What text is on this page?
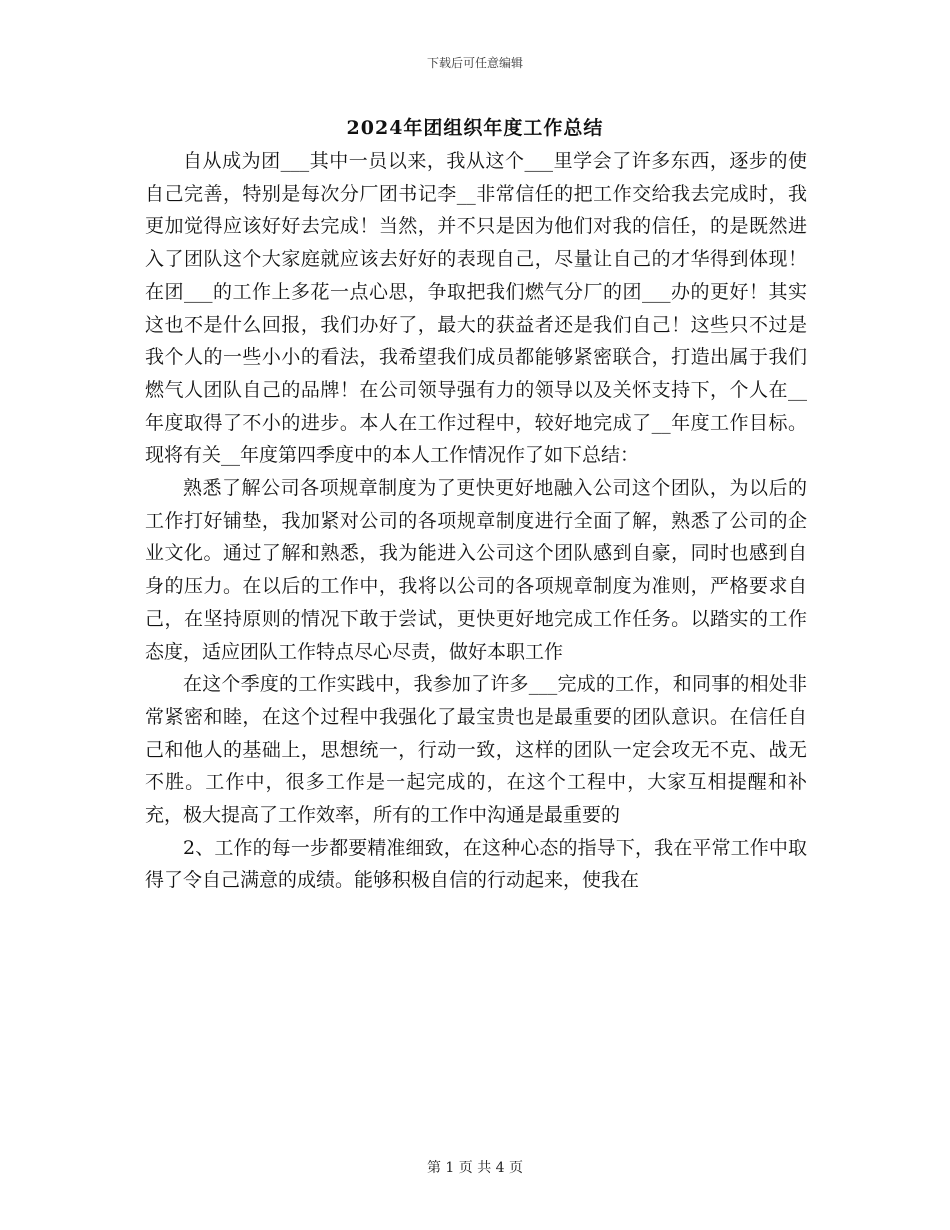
下载后可任意编辑
2024年团组织年度工作总结

自从成为团___其中一员以来，我从这个___里学会了许多东西，逐步的使自己完善，特别是每次分厂团书记李__非常信任的把工作交给我去完成时，我更加觉得应该好好去完成！当然，并不只是因为他们对我的信任，的是既然进入了团队这个大家庭就应该去好好的表现自己，尽量让自己的才华得到体现！在团___的工作上多花一点心思，争取把我们燃气分厂的团___办的更好！其实这也不是什么回报，我们办好了，最大的获益者还是我们自己！这些只不过是我个人的一些小小的看法，我希望我们成员都能够紧密联合，打造出属于我们燃气人团队自己的品牌！在公司领导强有力的领导以及关怀支持下，个人在__年度取得了不小的进步。本人在工作过程中，较好地完成了__年度工作目标。现将有关__年度第四季度中的本人工作情况作了如下总结：

熟悉了解公司各项规章制度为了更快更好地融入公司这个团队，为以后的工作打好铺垫，我加紧对公司的各项规章制度进行全面了解，熟悉了公司的企业文化。通过了解和熟悉，我为能进入公司这个团队感到自豪，同时也感到自身的压力。在以后的工作中，我将以公司的各项规章制度为准则，严格要求自己，在坚持原则的情况下敢于尝试，更快更好地完成工作任务。以踏实的工作态度，适应团队工作特点尽心尽责，做好本职工作

在这个季度的工作实践中，我参加了许多___完成的工作，和同事的相处非常紧密和睦，在这个过程中我强化了最宝贵也是最重要的团队意识。在信任自己和他人的基础上，思想统一，行动一致，这样的团队一定会攻无不克、战无不胜。工作中，很多工作是一起完成的，在这个工程中，大家互相提醒和补充，极大提高了工作效率，所有的工作中沟通是最重要的

2、工作的每一步都要精准细致，在这种心态的指导下，我在平常工作中取得了令自己满意的成绩。能够积极自信的行动起来，使我在

第 1 页 共 4 页
